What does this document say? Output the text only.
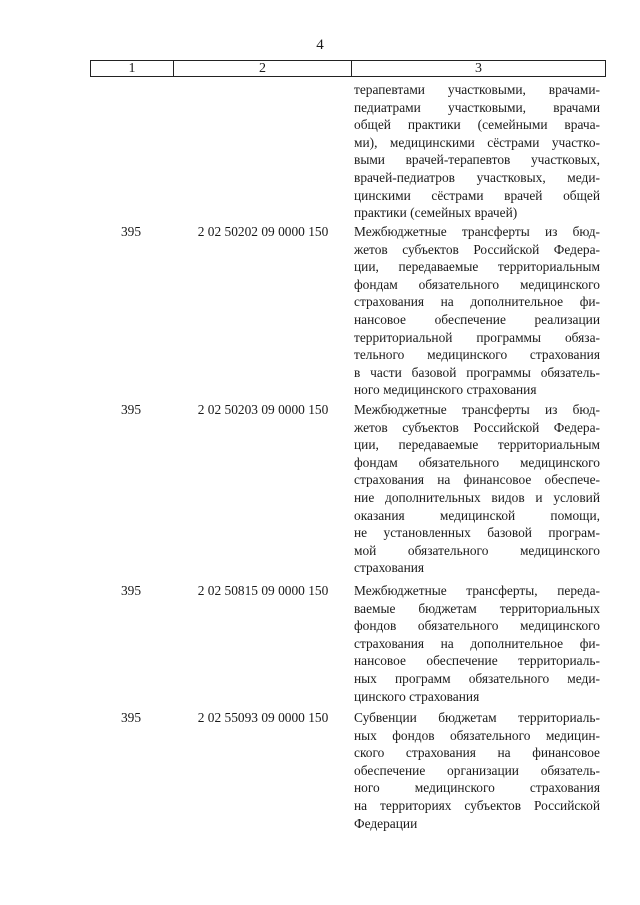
4
1	2	3
терапевтами участковыми, врачами-
педиатрами участковыми, врачами
общей практики (семейными врача-
ми), медицинскими сёстрами участко-
выми врачей-терапевтов участковых,
врачей-педиатров участковых, меди-
цинскими сёстрами врачей общей
практики (семейных врачей)
395	2 02 50202 09 0000 150	Межбюджетные трансферты из бюд-
жетов субъектов Российской Федера-
ции, передаваемые территориальным
фондам обязательного медицинского
страхования на дополнительное фи-
нансовое обеспечение реализации
территориальной программы обяза-
тельного медицинского страхования
в части базовой программы обязатель-
ного медицинского страхования
395	2 02 50203 09 0000 150	Межбюджетные трансферты из бюд-
жетов субъектов Российской Федера-
ции, передаваемые территориальным
фондам обязательного медицинского
страхования на финансовое обеспече-
ние дополнительных видов и условий
оказания медицинской помощи,
не установленных базовой програм-
мой обязательного медицинского
страхования
395	2 02 50815 09 0000 150	Межбюджетные трансферты, переда-
ваемые бюджетам территориальных
фондов обязательного медицинского
страхования на дополнительное фи-
нансовое обеспечение территориаль-
ных программ обязательного меди-
цинского страхования
395	2 02 55093 09 0000 150	Субвенции бюджетам территориаль-
ных фондов обязательного медицин-
ского страхования на финансовое
обеспечение организации обязатель-
ного медицинского страхования
на территориях субъектов Российской
Федерации
